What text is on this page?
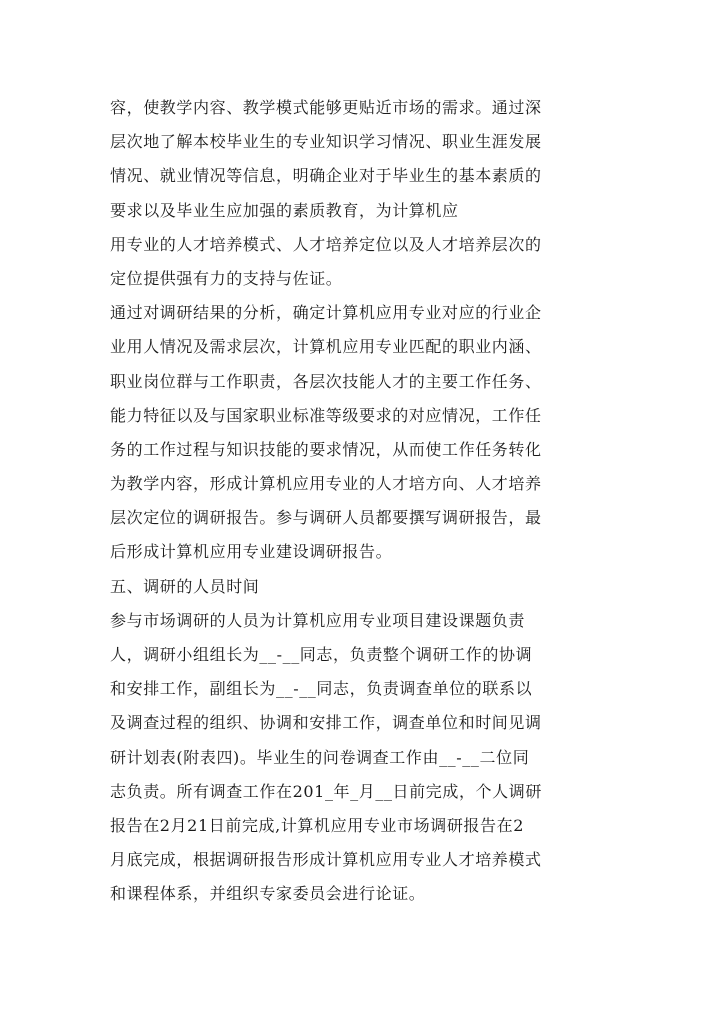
容，使教学内容、教学模式能够更贴近市场的需求。通过深
层次地了解本校毕业生的专业知识学习情况、职业生涯发展
情况、就业情况等信息，明确企业对于毕业生的基本素质的
要求以及毕业生应加强的素质教育，为计算机应
用专业的人才培养模式、人才培养定位以及人才培养层次的
定位提供强有力的支持与佐证。
通过对调研结果的分析，确定计算机应用专业对应的行业企
业用人情况及需求层次，计算机应用专业匹配的职业内涵、
职业岗位群与工作职责，各层次技能人才的主要工作任务、
能力特征以及与国家职业标准等级要求的对应情况，工作任
务的工作过程与知识技能的要求情况，从而使工作任务转化
为教学内容，形成计算机应用专业的人才培方向、人才培养
层次定位的调研报告。参与调研人员都要撰写调研报告，最
后形成计算机应用专业建设调研报告。
五、调研的人员时间
参与市场调研的人员为计算机应用专业项目建设课题负责
人，调研小组组长为__-__同志，负责整个调研工作的协调
和安排工作，副组长为__-__同志，负责调查单位的联系以
及调查过程的组织、协调和安排工作，调查单位和时间见调
研计划表(附表四)。毕业生的问卷调查工作由__-__二位同
志负责。所有调查工作在201_年_月__日前完成，个人调研
报告在2月21日前完成,计算机应用专业市场调研报告在2
月底完成，根据调研报告形成计算机应用专业人才培养模式
和课程体系，并组织专家委员会进行论证。
